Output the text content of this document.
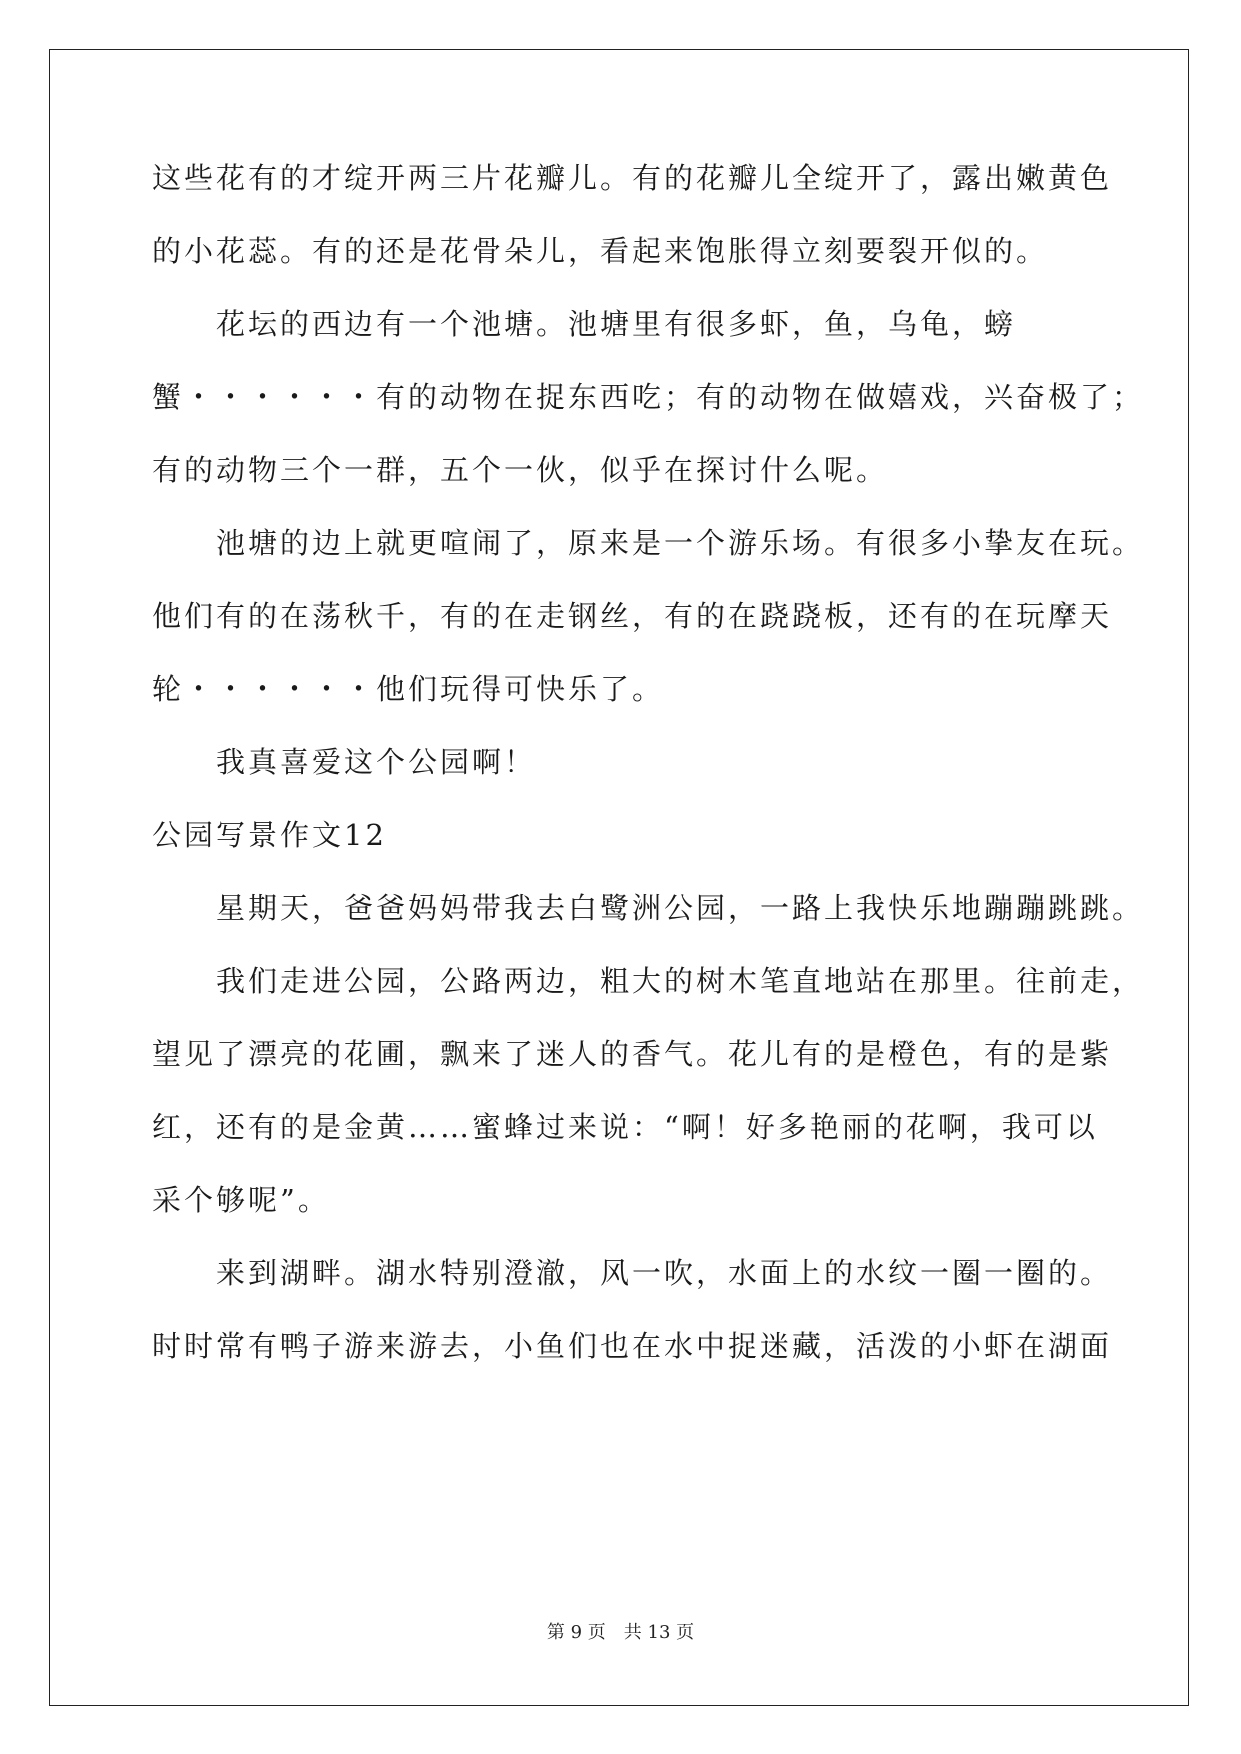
这些花有的才绽开两三片花瓣儿。有的花瓣儿全绽开了，露出嫩黄色
的小花蕊。有的还是花骨朵儿，看起来饱胀得立刻要裂开似的。
　　花坛的西边有一个池塘。池塘里有很多虾，鱼，乌龟，螃
蟹・・・・・・有的动物在捉东西吃；有的动物在做嬉戏，兴奋极了；
有的动物三个一群，五个一伙，似乎在探讨什么呢。
　　池塘的边上就更喧闹了，原来是一个游乐场。有很多小挚友在玩。
他们有的在荡秋千，有的在走钢丝，有的在跷跷板，还有的在玩摩天
轮・・・・・・他们玩得可快乐了。
　　我真喜爱这个公园啊！
公园写景作文12
　　星期天，爸爸妈妈带我去白鹭洲公园，一路上我快乐地蹦蹦跳跳。
　　我们走进公园，公路两边，粗大的树木笔直地站在那里。往前走，
望见了漂亮的花圃，飘来了迷人的香气。花儿有的是橙色，有的是紫
红，还有的是金黄……蜜蜂过来说：“啊！好多艳丽的花啊，我可以
采个够呢”。
　　来到湖畔。湖水特别澄澈，风一吹，水面上的水纹一圈一圈的。
时时常有鸭子游来游去，小鱼们也在水中捉迷藏，活泼的小虾在湖面
第 9 页　共 13 页
